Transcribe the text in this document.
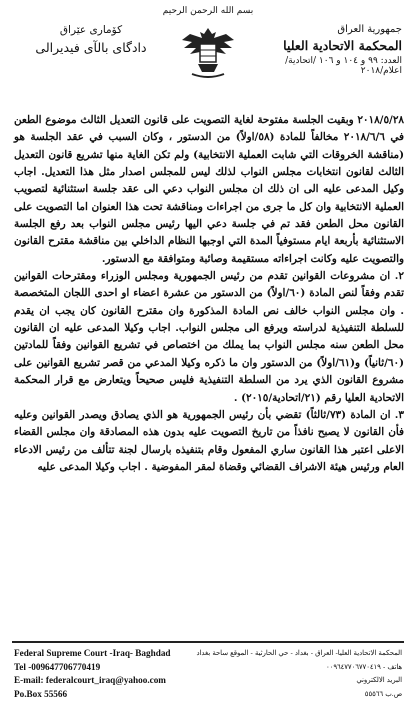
بسم الله الرحمن الرحيم
جمهورية العراق
المحكمة الاتحادية العليا
العدد: ٩٩ و ١٠٤ و ١٠٦ /اتحادية/اعلام/٢٠١٨
كۆماری عێراق
دادگای بالآی فیدیرالی

٢٠١٨/٥/٢٨ وبقيت الجلسة مفتوحة لغاية التصويت على قانون التعديل الثالث موضوع الطعن في ٢٠١٨/٦/٦ مخالفاً للمادة (٥٨/اولاً) من الدستور ، وكان السبب في عقد الجلسة هو (مناقشة الخروقات التي شابت العملية الانتخابية) ولم تكن الغاية منها تشريع قانون التعديل الثالث لقانون انتخابات مجلس النواب لذلك ليس للمجلس اصدار مثل هذا التعديل. اجاب وكيل المدعى عليه الى ان ذلك ان مجلس النواب دعي الى عقد جلسة استثنائية لتصويب العملية الانتخابية وان كل ما جرى من اجراءات ومناقشة تحت هذا العنوان اما التصويت على القانون محل الطعن فقد تم في جلسة دعي اليها رئيس مجلس النواب بعد رفع الجلسة الاستثنائية بأربعة ايام مستوفياً المدة التي اوجبها النظام الداخلي بين مناقشة مقترح القانون والتصويت عليه وكانت اجراءاته مستقيمة وصائبة ومتوافقة مع الدستور.

٢. ان مشروعات القوانين تقدم من رئيس الجمهورية ومجلس الوزراء ومقترحات القوانين تقدم وفقاً لنص المادة (٦٠/اولاً) من الدستور من عشرة اعضاء او احدى اللجان المتخصصة . وان مجلس النواب خالف نص المادة المذكورة وان مقترح القانون كان يجب ان يقدم للسلطة التنفيذية لدراسته ويرفع الى مجلس النواب. اجاب وكيلا المدعى عليه ان القانون محل الطعن سنه مجلس النواب بما يملك من اختصاص في تشريع القوانين وفقاً للمادتين (٦٠/ثانياً) و(٦١/اولاً) من الدستور وان ما ذكره وكيلا المدعي من قصر تشريع القوانين على مشروع القانون الذي يرد من السلطة التنفيذية فليس صحيحاً ويتعارض مع قرار المحكمة الاتحادية العليا رقم (٢١/اتحادية/٢٠١٥) .

٣. ان المادة (٧٣/ثالثاً) تقضي بأن رئيس الجمهورية هو الذي يصادق ويصدر القوانين وعليه فأن القانون لا يصبح نافذاً من تاريخ التصويت عليه بدون هذه المصادقة وان مجلس القضاء الاعلى اعتبر هذا القانون ساري المفعول وقام بتنفيذه بارسال لجنة تتألف من رئيس الادعاء العام ورئيس هيئة الاشراف القضائي وقضاة لمقر المفوضية . اجاب وكيلا المدعى عليه

Federal Supreme Court -Iraq- Baghdad
Tel -009647706770419
E-mail: federalcourt_iraq@yahoo.com
Po.Box 55566
المحكمة الاتحادية العليا- العراق - بغداد - حي الحارثية - الموقع ساحة بغداد
هاتف - ٠٠٩٦٤٧٧٠٦٧٧٠٤١٩
البريد الالكتروني
ص.ب ٥٥٥٦٦
